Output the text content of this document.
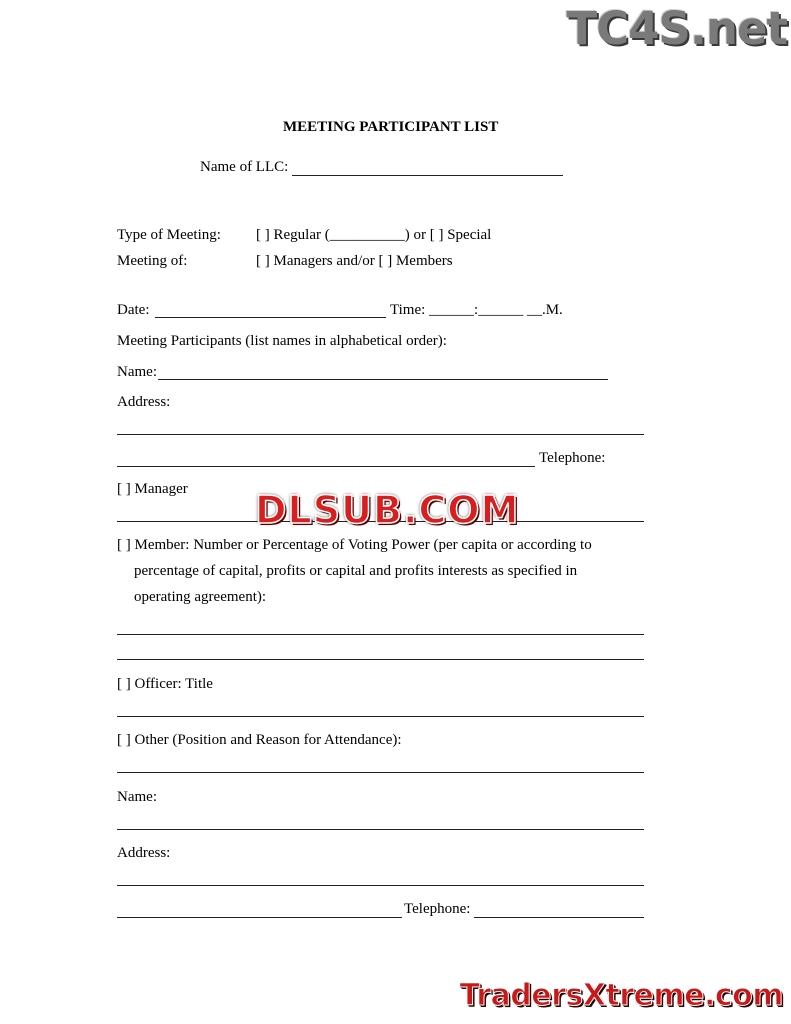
TC4S.net
MEETING PARTICIPANT LIST
Name of LLC:
Type of Meeting: [ ] Regular (__________) or [ ] Special
Meeting of:	[ ] Managers and/or [ ] Members
Date:	Time: ______:______ __.M.
Meeting Participants (list names in alphabetical order):
Name:
Address:
Telephone:
[ ] Manager DLSUB.COM
[ ] Member: Number or Percentage of Voting Power (per capita or according to
percentage of capital, profits or capital and profits interests as specified in
operating agreement):
[ ] Officer: Title
[ ] Other (Position and Reason for Attendance):
Name:
Address:
Telephone:
TradersXtreme.com
